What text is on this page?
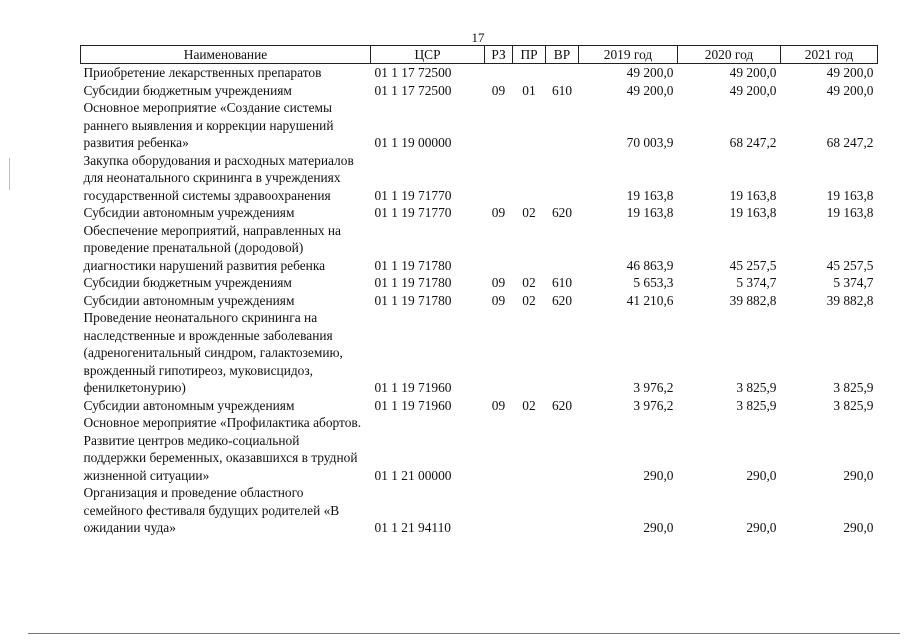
17
Наименование	ЦСР	РЗ	ПР	ВР	2019 год	2020 год	2021 год
Приобретение лекарственных препаратов	01 1 17 72500				49 200,0	49 200,0	49 200,0
Субсидии бюджетным учреждениям	01 1 17 72500	09	01	610	49 200,0	49 200,0	49 200,0
Основное мероприятие «Создание системы раннего выявления и коррекции нарушений развития ребенка»	01 1 19 00000				70 003,9	68 247,2	68 247,2
Закупка оборудования и расходных материалов для неонатального скрининга в учреждениях государственной системы здравоохранения	01 1 19 71770				19 163,8	19 163,8	19 163,8
Субсидии автономным учреждениям	01 1 19 71770	09	02	620	19 163,8	19 163,8	19 163,8
Обеспечение мероприятий, направленных на проведение пренатальной (дородовой) диагностики нарушений развития ребенка	01 1 19 71780				46 863,9	45 257,5	45 257,5
Субсидии бюджетным учреждениям	01 1 19 71780	09	02	610	5 653,3	5 374,7	5 374,7
Субсидии автономным учреждениям	01 1 19 71780	09	02	620	41 210,6	39 882,8	39 882,8
Проведение неонатального скрининга на наследственные и врожденные заболевания (адреногенитальный синдром, галактоземию, врожденный гипотиреоз, муковисцидоз, фенилкетонурию)	01 1 19 71960				3 976,2	3 825,9	3 825,9
Субсидии автономным учреждениям	01 1 19 71960	09	02	620	3 976,2	3 825,9	3 825,9
Основное мероприятие «Профилактика абортов. Развитие центров медико-социальной поддержки беременных, оказавшихся в трудной жизненной ситуации»	01 1 21 00000				290,0	290,0	290,0
Организация и проведение областного семейного фестиваля будущих родителей «В ожидании чуда»	01 1 21 94110				290,0	290,0	290,0
